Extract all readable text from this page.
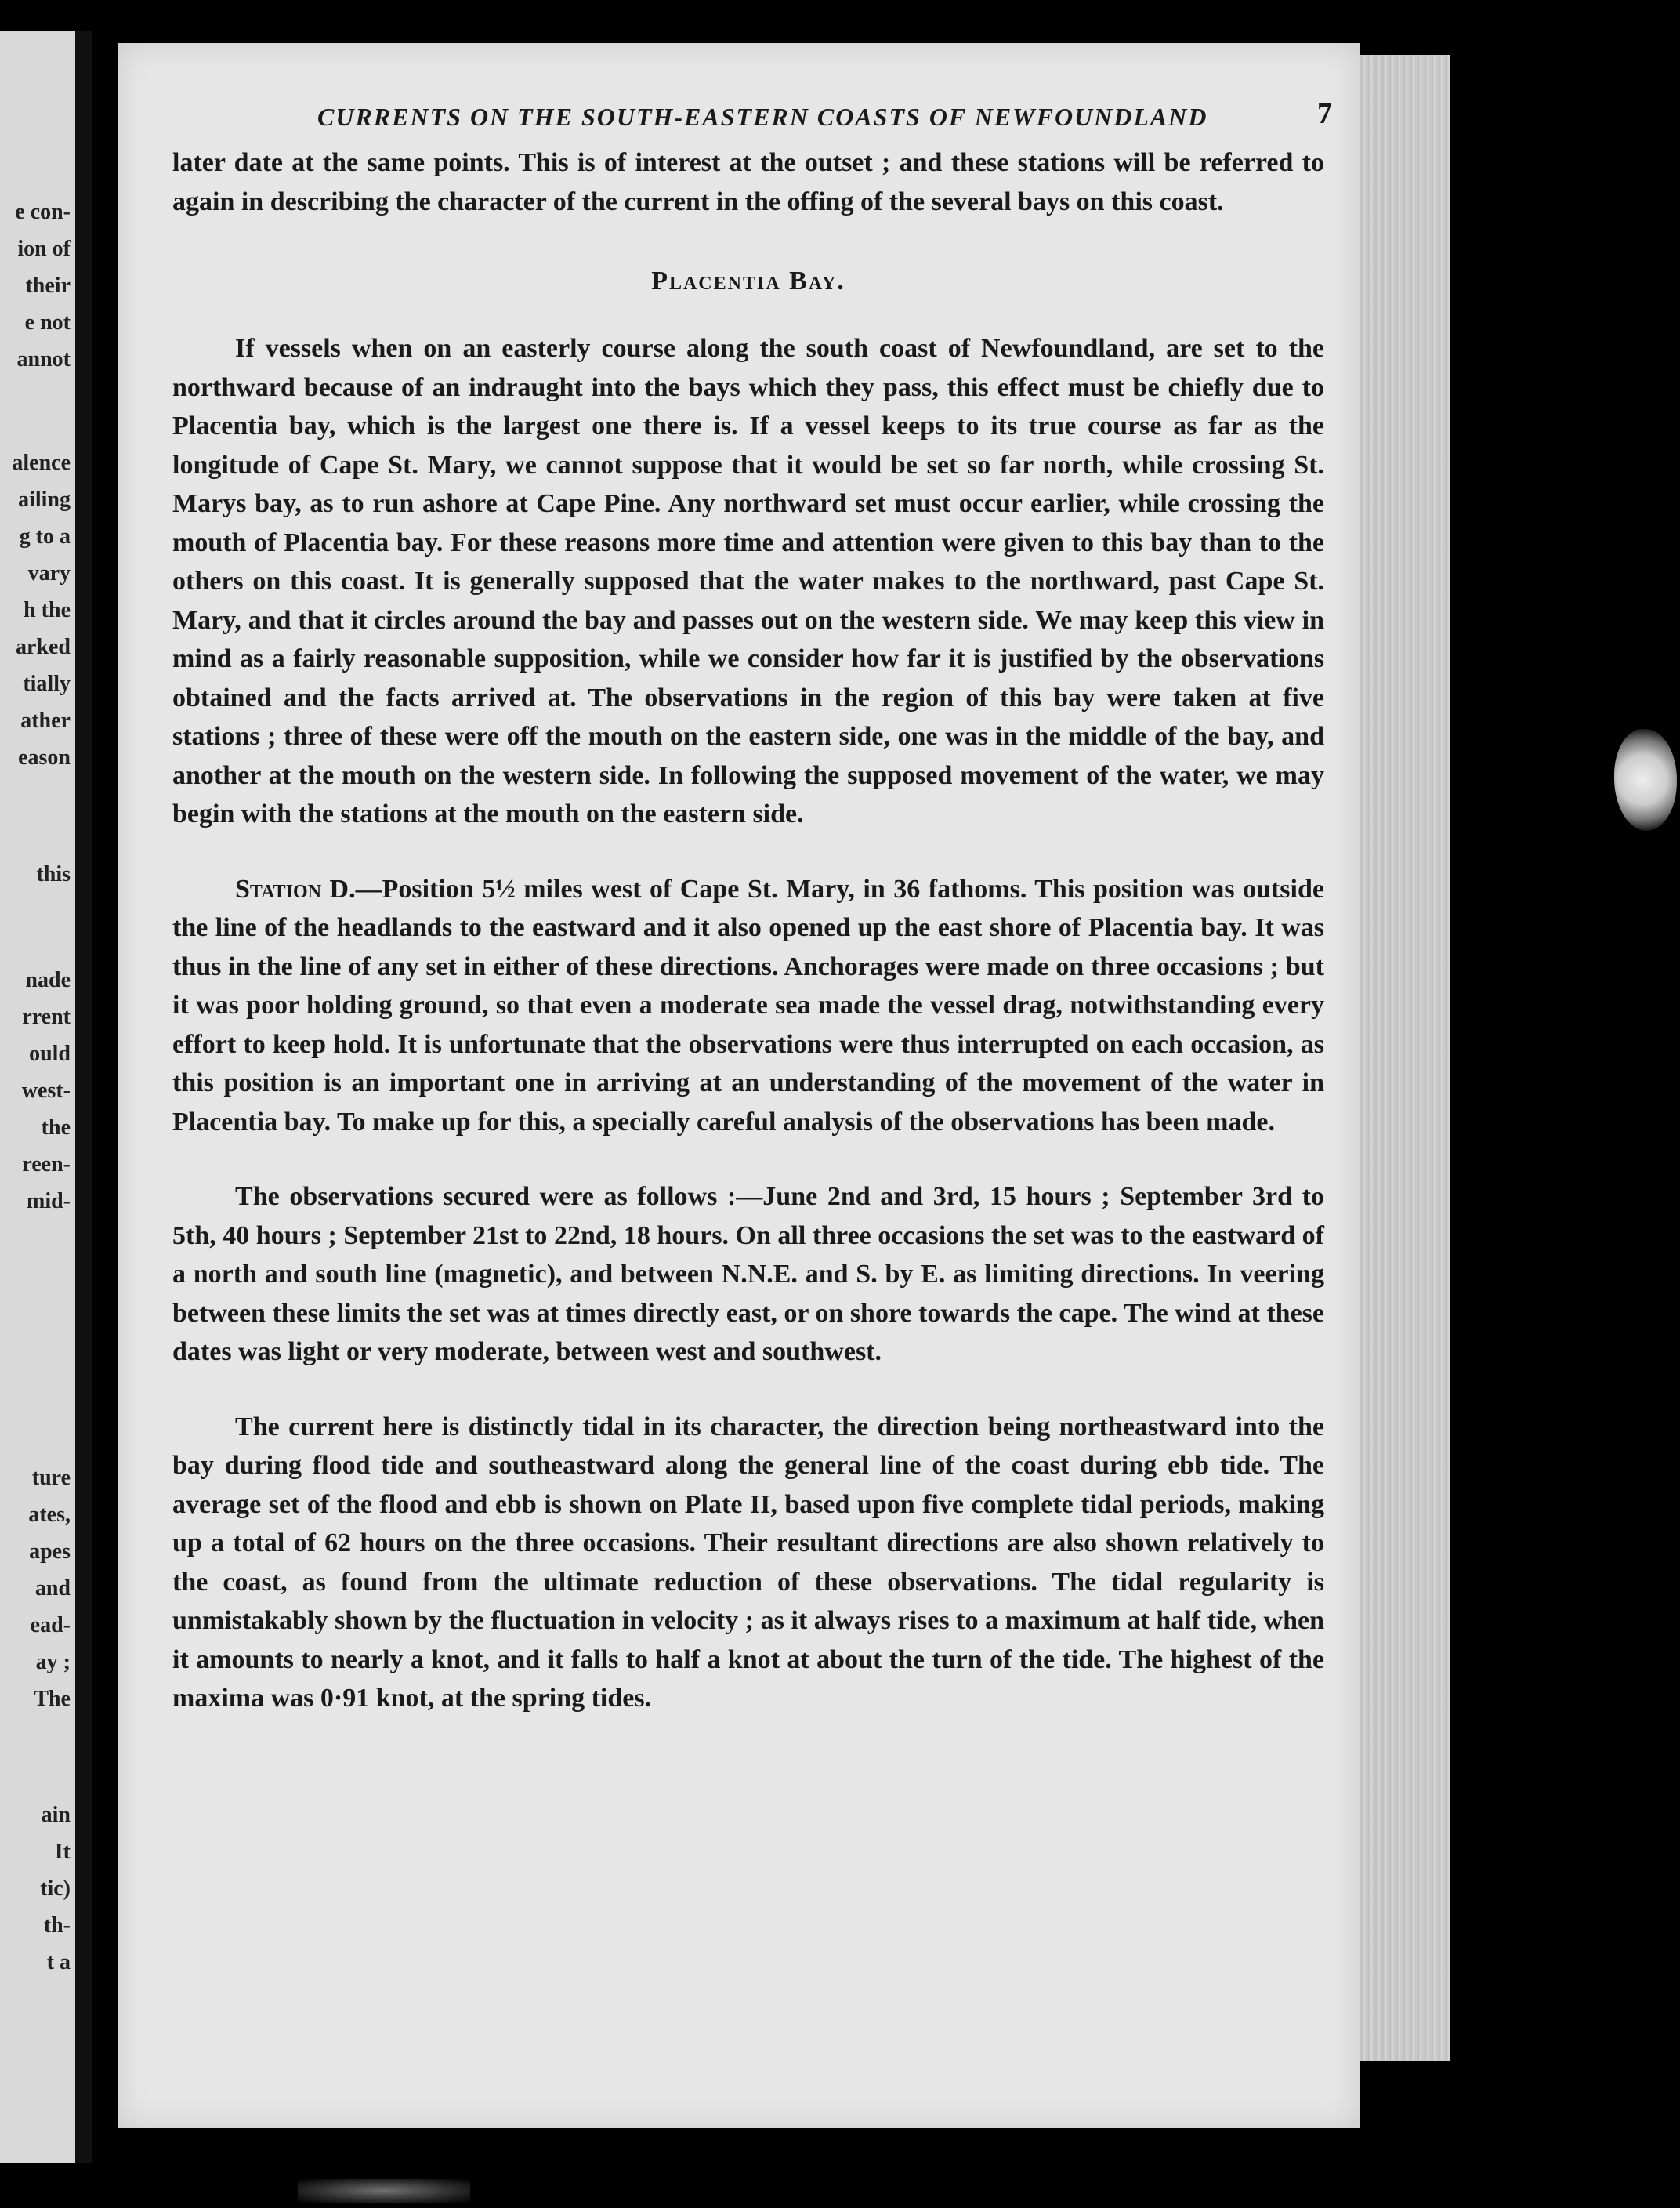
e con-
ion of
their
e not
annot
alence
ailing
g to a
vary
h the
arked
tially
ather
eason
this
nade
rrent
ould
west-
the
reen-
mid-
ture
ates,
apes
and
ead-
ay ;
The
ain
It
tic)
th-
t a
CURRENTS ON THE SOUTH-EASTERN COASTS OF NEWFOUNDLAND	7

later date at the same points. This is of interest at the outset ; and these stations will be referred to again in describing the character of the current in the offing of the several bays on this coast.

Placentia Bay.

If vessels when on an easterly course along the south coast of Newfoundland, are set to the northward because of an indraught into the bays which they pass, this effect must be chiefly due to Placentia bay, which is the largest one there is. If a vessel keeps to its true course as far as the longitude of Cape St. Mary, we cannot suppose that it would be set so far north, while crossing St. Marys bay, as to run ashore at Cape Pine. Any northward set must occur earlier, while crossing the mouth of Placentia bay. For these reasons more time and attention were given to this bay than to the others on this coast. It is generally supposed that the water makes to the northward, past Cape St. Mary, and that it circles around the bay and passes out on the western side. We may keep this view in mind as a fairly reasonable supposition, while we consider how far it is justified by the observations obtained and the facts arrived at. The observations in the region of this bay were taken at five stations ; three of these were off the mouth on the eastern side, one was in the middle of the bay, and another at the mouth on the western side. In following the supposed movement of the water, we may begin with the stations at the mouth on the eastern side.

Station D.—Position 5½ miles west of Cape St. Mary, in 36 fathoms. This position was outside the line of the headlands to the eastward and it also opened up the east shore of Placentia bay. It was thus in the line of any set in either of these directions. Anchorages were made on three occasions ; but it was poor holding ground, so that even a moderate sea made the vessel drag, notwithstanding every effort to keep hold. It is unfortunate that the observations were thus interrupted on each occasion, as this position is an important one in arriving at an understanding of the movement of the water in Placentia bay. To make up for this, a specially careful analysis of the observations has been made.

The observations secured were as follows :—June 2nd and 3rd, 15 hours ; September 3rd to 5th, 40 hours ; September 21st to 22nd, 18 hours. On all three occasions the set was to the eastward of a north and south line (magnetic), and between N.N.E. and S. by E. as limiting directions. In veering between these limits the set was at times directly east, or on shore towards the cape. The wind at these dates was light or very moderate, between west and southwest.

The current here is distinctly tidal in its character, the direction being northeastward into the bay during flood tide and southeastward along the general line of the coast during ebb tide. The average set of the flood and ebb is shown on Plate II, based upon five complete tidal periods, making up a total of 62 hours on the three occasions. Their resultant directions are also shown relatively to the coast, as found from the ultimate reduction of these observations. The tidal regularity is unmistakably shown by the fluctuation in velocity ; as it always rises to a maximum at half tide, when it amounts to nearly a knot, and it falls to half a knot at about the turn of the tide. The highest of the maxima was 0·91 knot, at the spring tides.
